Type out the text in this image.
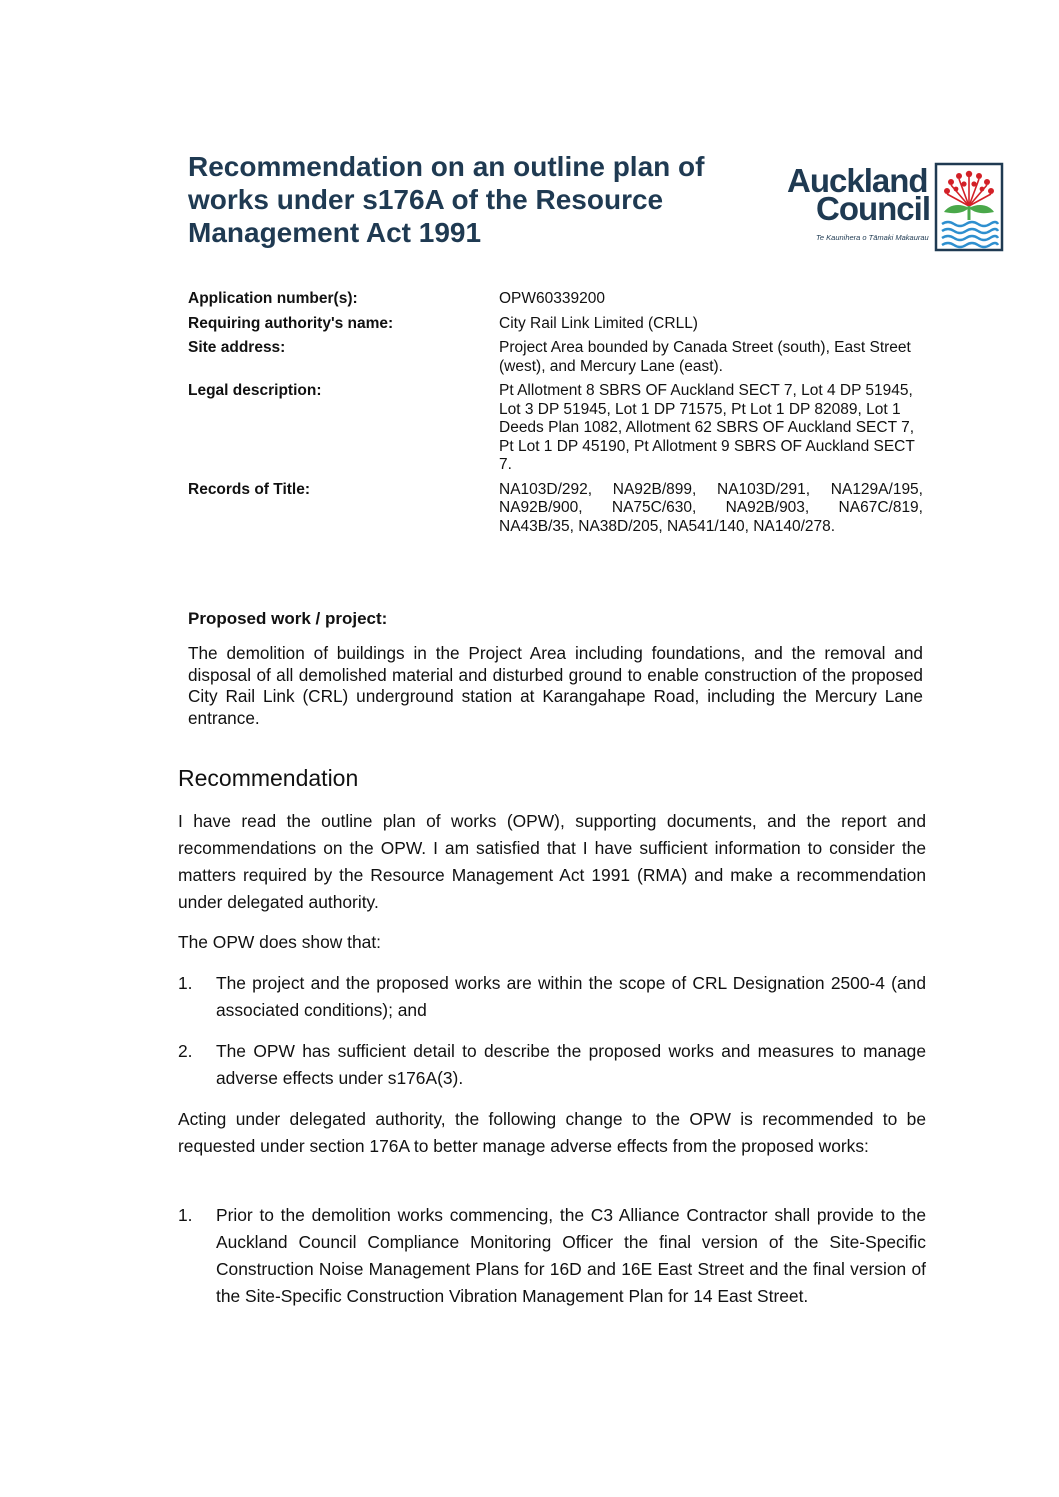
Recommendation on an outline plan of
works under s176A of the Resource
Management Act 1991
Auckland
Council
Te Kaunihera o Tāmaki Makaurau
Application number(s):	OPW60339200
Requiring authority's name:	City Rail Link Limited (CRLL)
Site address:	Project Area bounded by Canada Street (south), East Street (west), and Mercury Lane (east).
Legal description:	Pt Allotment 8 SBRS OF Auckland SECT 7, Lot 4 DP 51945, Lot 3 DP 51945, Lot 1 DP 71575, Pt Lot 1 DP 82089, Lot 1 Deeds Plan 1082, Allotment 62 SBRS OF Auckland SECT 7, Pt Lot 1 DP 45190, Pt Allotment 9 SBRS OF Auckland SECT 7.
Records of Title:	NA103D/292, NA92B/899, NA103D/291, NA129A/195, NA92B/900, NA75C/630, NA92B/903, NA67C/819, NA43B/35, NA38D/205, NA541/140, NA140/278.
Proposed work / project:

The demolition of buildings in the Project Area including foundations, and the removal and disposal of all demolished material and disturbed ground to enable construction of the proposed City Rail Link (CRL) underground station at Karangahape Road, including the Mercury Lane entrance.

Recommendation

I have read the outline plan of works (OPW), supporting documents, and the report and recommendations on the OPW. I am satisfied that I have sufficient information to consider the matters required by the Resource Management Act 1991 (RMA) and make a recommendation under delegated authority.

The OPW does show that:

1.	The project and the proposed works are within the scope of CRL Designation 2500-4 (and associated conditions); and
2.	The OPW has sufficient detail to describe the proposed works and measures to manage adverse effects under s176A(3).

Acting under delegated authority, the following change to the OPW is recommended to be requested under section 176A to better manage adverse effects from the proposed works:

1.	Prior to the demolition works commencing, the C3 Alliance Contractor shall provide to the Auckland Council Compliance Monitoring Officer the final version of the Site-Specific Construction Noise Management Plans for 16D and 16E East Street and the final version of the Site-Specific Construction Vibration Management Plan for 14 East Street.
